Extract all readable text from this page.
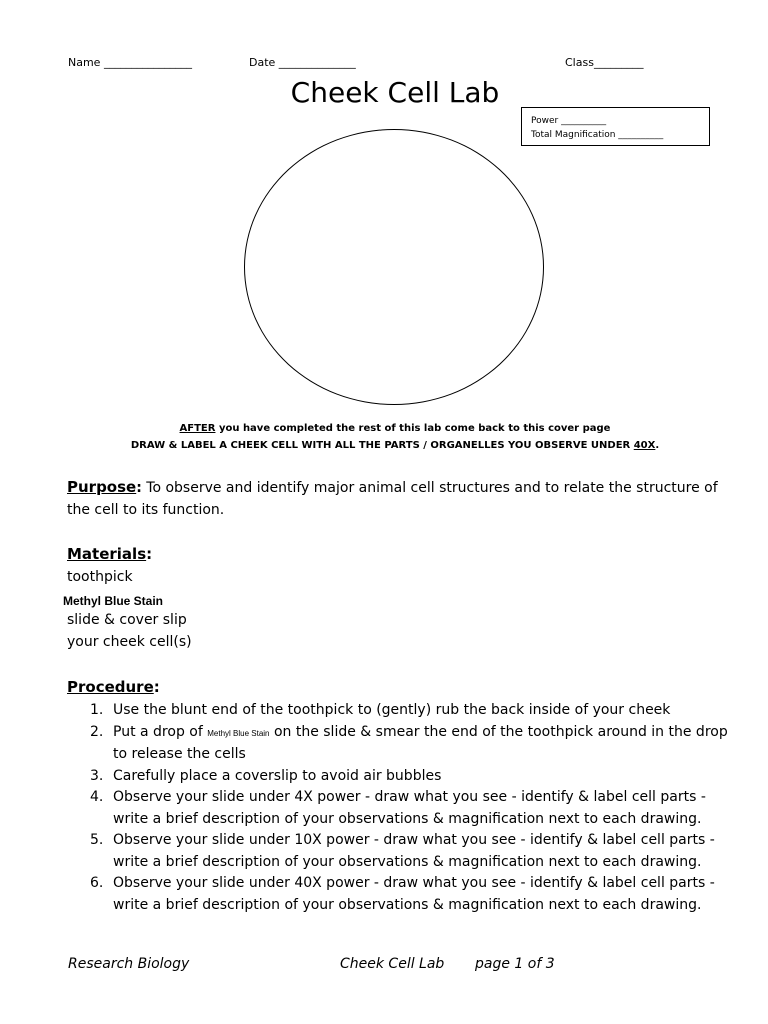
Name ________________	Date ______________	Class_________
Cheek Cell Lab
Power __________
Total Magnification __________
AFTER you have completed the rest of this lab come back to this cover page
DRAW & LABEL A CHEEK CELL WITH ALL THE PARTS / ORGANELLES YOU OBSERVE UNDER 40X.
Purpose: To observe and identify major animal cell structures and to relate the structure of the cell to its function.
Materials:
toothpick
Methyl Blue Stain
slide & cover slip
your cheek cell(s)
Procedure:
1. Use the blunt end of the toothpick to (gently) rub the back inside of your cheek
2. Put a drop of Methyl Blue Stain on the slide & smear the end of the toothpick around in the drop to release the cells
3. Carefully place a coverslip to avoid air bubbles
4. Observe your slide under 4X power - draw what you see - identify & label cell parts - write a brief description of your observations & magnification next to each drawing.
5. Observe your slide under 10X power - draw what you see - identify & label cell parts - write a brief description of your observations & magnification next to each drawing.
6. Observe your slide under 40X power - draw what you see - identify & label cell parts - write a brief description of your observations & magnification next to each drawing.
Research Biology	Cheek Cell Lab page 1 of 3
